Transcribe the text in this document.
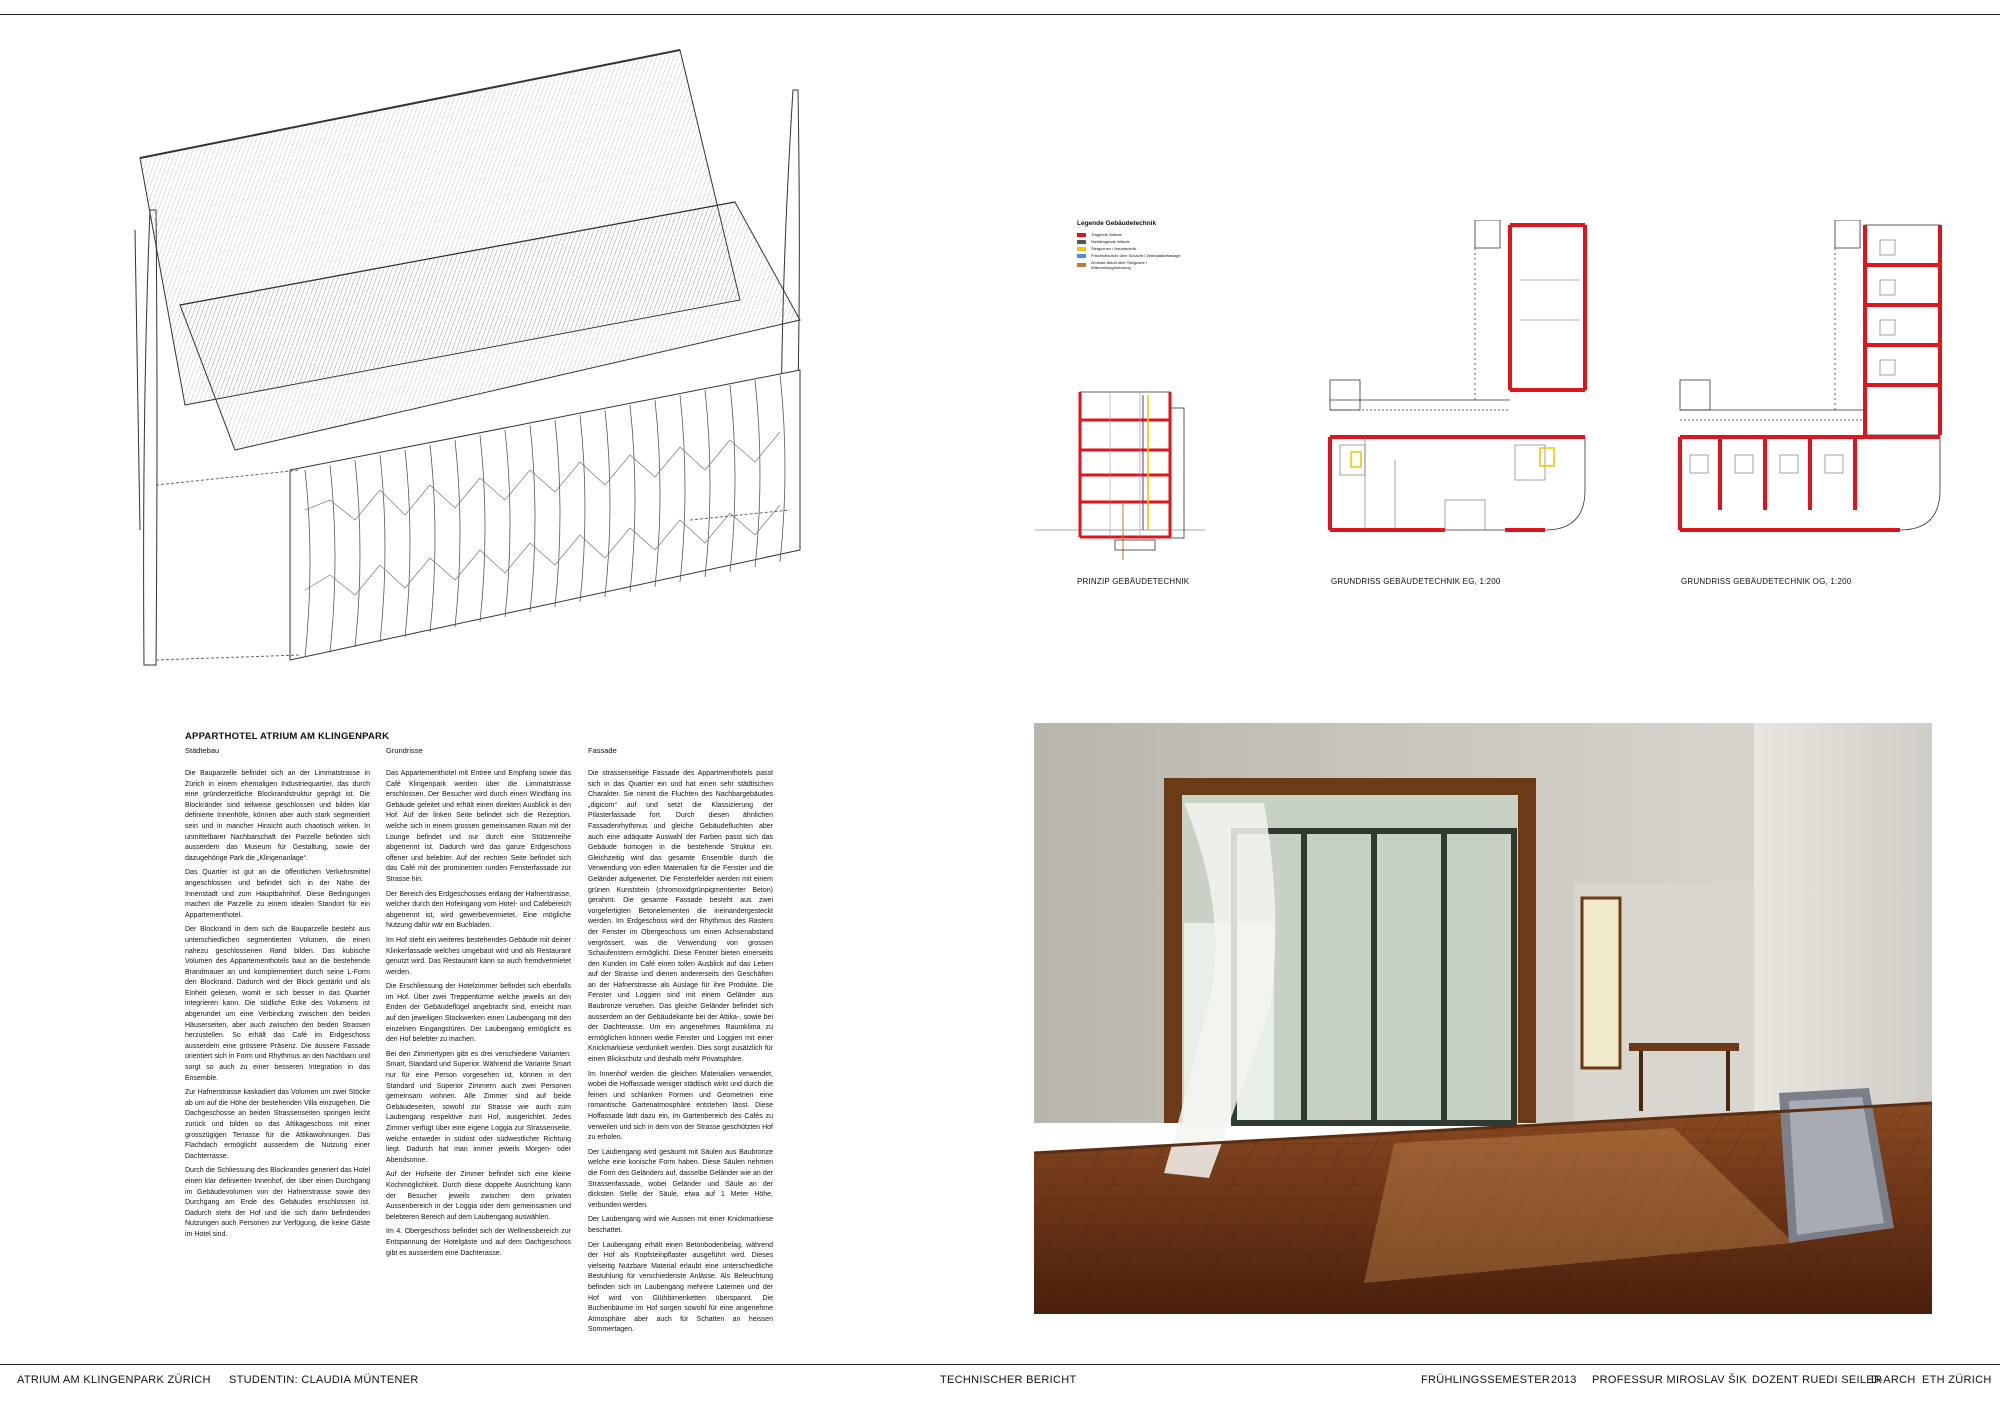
Legende Gebäudetechnik
Tragende Wände
Nichttragende Wände
Steigzonen / Haustechnik
Frischluftzufuhr über Schacht / Zentralabluftanlage
Zentrale Abluft über Steigzone / Wärmerückgewinnung
PRINZIP GEBÄUDETECHNIK	GRUNDRISS GEBÄUDETECHNIK EG, 1:200	GRUNDRISS GEBÄUDETECHNIK OG, 1:200
APPARTHOTEL ATRIUM AM KLINGENPARK
Städtebau

Die Bauparzelle befindet sich an der Limmatstrasse in Zürich in einem ehemaligen Industriequartier, das durch eine gründerzeitliche Blockrandstruktur geprägt ist. Die Blockränder sind teilweise geschlossen und bilden klar definierte Innenhöfe, können aber auch stark segmentiert sein und in mancher Hinsicht auch chaotisch wirken. In unmittelbarer Nachbarschaft der Parzelle befinden sich ausserdem das Museum für Gestaltung, sowie der dazugehörige Park die „Klingenanlage“.

Das Quartier ist gut an die öffentlichen Verkehrsmittel angeschlossen und befindet sich in der Nähe der Innenstadt und zum Hauptbahnhof. Diese Bedingungen machen die Parzelle zu einem idealen Standort für ein Appartementhotel.

Der Blockrand in dem sich die Bauparzelle besteht aus unterschiedlichen segmentierten Volumen, die einen nahezu geschlossenen Rand bilden. Das kubische Volumen des Appartementhotels baut an die bestehende Brandmauer an und komplementiert durch seine L-Form den Blockrand. Dadurch wird der Block gestärkt und als Einheit gelesen, womit er sich besser in das Quartier integrieren kann. Die südliche Ecke des Volumens ist abgerundet um eine Verbindung zwischen den beiden Häuserseiten, aber auch zwischen den beiden Strassen herzustellen. So erhält das Café im Erdgeschoss ausserdem eine grössere Präsenz. Die äussere Fassade orientiert sich in Form und Rhythmus an den Nachbarn und sorgt so auch zu einer besseren Integration in das Ensemble.

Zur Hafnerstrasse kaskadiert das Volumen um zwei Stöcke ab um auf die Höhe der bestehenden Villa einzugehen. Die Dachgeschosse an beiden Strassenseiten springen leicht zurück und bilden so das Attikageschoss mit einer grosszügigen Terrasse für die Attikawohnungen. Das Flachdach ermöglicht ausserdem die Nutzung einer Dachterrasse.

Durch die Schliessung des Blockrandes generiert das Hotel einen klar definierten Innenhof, der über einen Durchgang im Gebäudevolumen von der Hafnerstrasse sowie den Durchgang am Ende des Gebäudes erschlossen ist. Dadurch steht der Hof und die sich darin befindenden Nutzungen auch Personen zur Verfügung, die keine Gäste im Hotel sind.

Grundrisse

Das Appartementhotel mit Entree und Empfang sowie das Café Klingenpark werden über die Limmatstrasse erschlossen. Der Besucher wird durch einen Windfang ins Gebäude geleitet und erhält einen direkten Ausblick in den Hof. Auf der linken Seite befindet sich die Rezeption, welche sich in einem grossen gemeinsamen Raum mit der Lounge befindet und nur durch eine Stützenreihe abgetrennt ist. Dadurch wird das ganze Erdgeschoss offener und belebter. Auf der rechten Seite befindet sich das Café mit der prominenten runden Fensterfassade zur Strasse hin.

Der Bereich des Erdgeschosses entlang der Hafnerstrasse, welcher durch den Hofeingang vom Hotel- und Cafébereich abgetrennt ist, wird gewerbevermietet. Eine mögliche Nutzung dafür wär ein Buchladen.

Im Hof steht ein weiteres bestehendes Gebäude mit deiner Klinkerfassade welches umgebaut wird und als Restaurant genutzt wird. Das Restaurant kann so auch fremdvermietet werden.

Die Erschliessung der Hotelzimmer befindet sich ebenfalls im Hof. Über zwei Treppentürme welche jeweils an den Enden der Gebäudeflügel angebracht sind, erreicht man auf den jeweiligen Stockwerken einen Laubengang mit den einzelnen Eingangstüren. Der Laubengang ermöglicht es den Hof belebter zu machen.

Bei den Zimmertypen gibt es drei verschiedene Varianten: Smart, Standard und Superior. Während die Variante Smart nur für eine Person vorgesehen ist, können in den Standard und Superior Zimmern auch zwei Personen gemeinsam wohnen. Alle Zimmer sind auf beide Gebäudeseiten, sowohl zur Strasse wie auch zum Laubengang respektive zum Hof, ausgerichtet. Jedes Zimmer verfügt über eine eigene Loggia zur Strassenseite, welche entweder in südost oder südwestlicher Richtung liegt. Dadurch hat man immer jeweils Morgen- oder Abendsonne.

Auf der Hofseite der Zimmer befindet sich eine kleine Kochmöglichkeit. Durch diese doppelte Ausrichtung kann der Besucher jeweils zwischen dem privaten Aussenbereich in der Loggia oder dem gemeinsamen und belebteren Bereich auf dem Laubengang auswählen.

Im 4. Obergeschoss befindet sich der Wellnessbereich zur Entspannung der Hotelgäste und auf dem Dachgeschoss gibt es ausserdem eine Dachterasse.

Fassade

Die strassenseitige Fassade des Appartmenthotels passt sich in das Quartier ein und hat einen sehr städtischen Charakter. Sie nimmt die Fluchten des Nachbargebäudes „digicom“ auf und setzt die Klassizierung der Pilasterfassade fort. Durch diesen ähnlichen Fassadenrhythmus und gleiche Gebäudefluchten aber auch eine adäquate Auswahl der Farben passt sich das Gebäude homogen in die bestehende Struktur ein. Gleichzeitig wird das gesamte Ensemble durch die Verwendung von edlen Materialien für die Fenster und die Geländer aufgewertet. Die Fensterfelder werden mit einem grünen Kunststein (chromoxidgrünpigmentierter Beton) gerahmt. Die gesamte Fassade besteht aus zwei vorgefertigten Betonelementen die ineinandergesteckt werden. Im Erdgeschoss wird der Rhythmus des Rasters der Fenster im Obergeschoss um einen Achsenabstand vergrössert, was die Verwendung von grossen Schaufenstern ermöglicht. Diese Fenster bieten einerseits den Kunden im Café einen tollen Ausblick auf das Leben auf der Strasse und dienen andererseits den Geschäften an der Hafnerstrasse als Auslage für ihre Produkte. Die Fenster und Loggien sind mit einem Geländer aus Baubronze versehen. Das gleiche Geländer befindet sich ausserdem an der Gebäudekante bei der Attika-, sowie bei der Dachterasse. Um ein angenehmes Raumklima zu ermöglichen können wedie Fenster und Loggien mit einer Knickmarkiese verdunkelt werden. Dies sorgt zusätzlich für einen Blickschutz und deshalb mehr Privatsphäre.

Im Innenhof werden die gleichen Materialien verwendet, wobei die Hoffassade weniger städtisch wirkt und durch die feinen und schlanken Formen und Geometrien eine romantische Gartenatmosphäre entstehen lässt. Diese Hoffassade lädt dazu ein, im Gartenbereich des Cafés zu verweilen und sich in dem von der Strasse geschützten Hof zu erholen.

Der Laubengang wird gesäumt mit Säulen aus Baubronze welche eine konische Form haben. Diese Säulen nehmen die Form des Geländers auf, dasselbe Geländer wie an der Strassenfassade, wobei Geländer und Säule an der dicksten Stelle der Säule, etwa auf 1 Meter Höhe, verbunden werden.

Der Laubengang wird wie Aussen mit einer Knickmarkiese beschattet.

Der Laubengang erhält einen Betonbodenbelag, während der Hof als Kopfsteinpflaster ausgeführt wird. Dieses vielseitig Nutzbare Material erlaubt eine unterschiedliche Bestuhlung für verschiedenste Anlässe. Als Beleuchtung befinden sich im Laubengang mehrere Laternen und der Hof wird von Glühbirnenketten überspannt. Die Buchenbäume im Hof sorgen sowohl für eine angenehme Atmosphäre aber auch für Schatten an heissen Sommertagen.

ATRIUM AM KLINGENPARK ZÜRICH STUDENTIN: CLAUDIA MÜNTENER	TECHNISCHER BERICHT	FRÜHLINGSSEMESTER 2013 PROFESSUR MIROSLAV ŠIK DOZENT RUEDI SEILER
D-ARCH ETH ZÜRICH
